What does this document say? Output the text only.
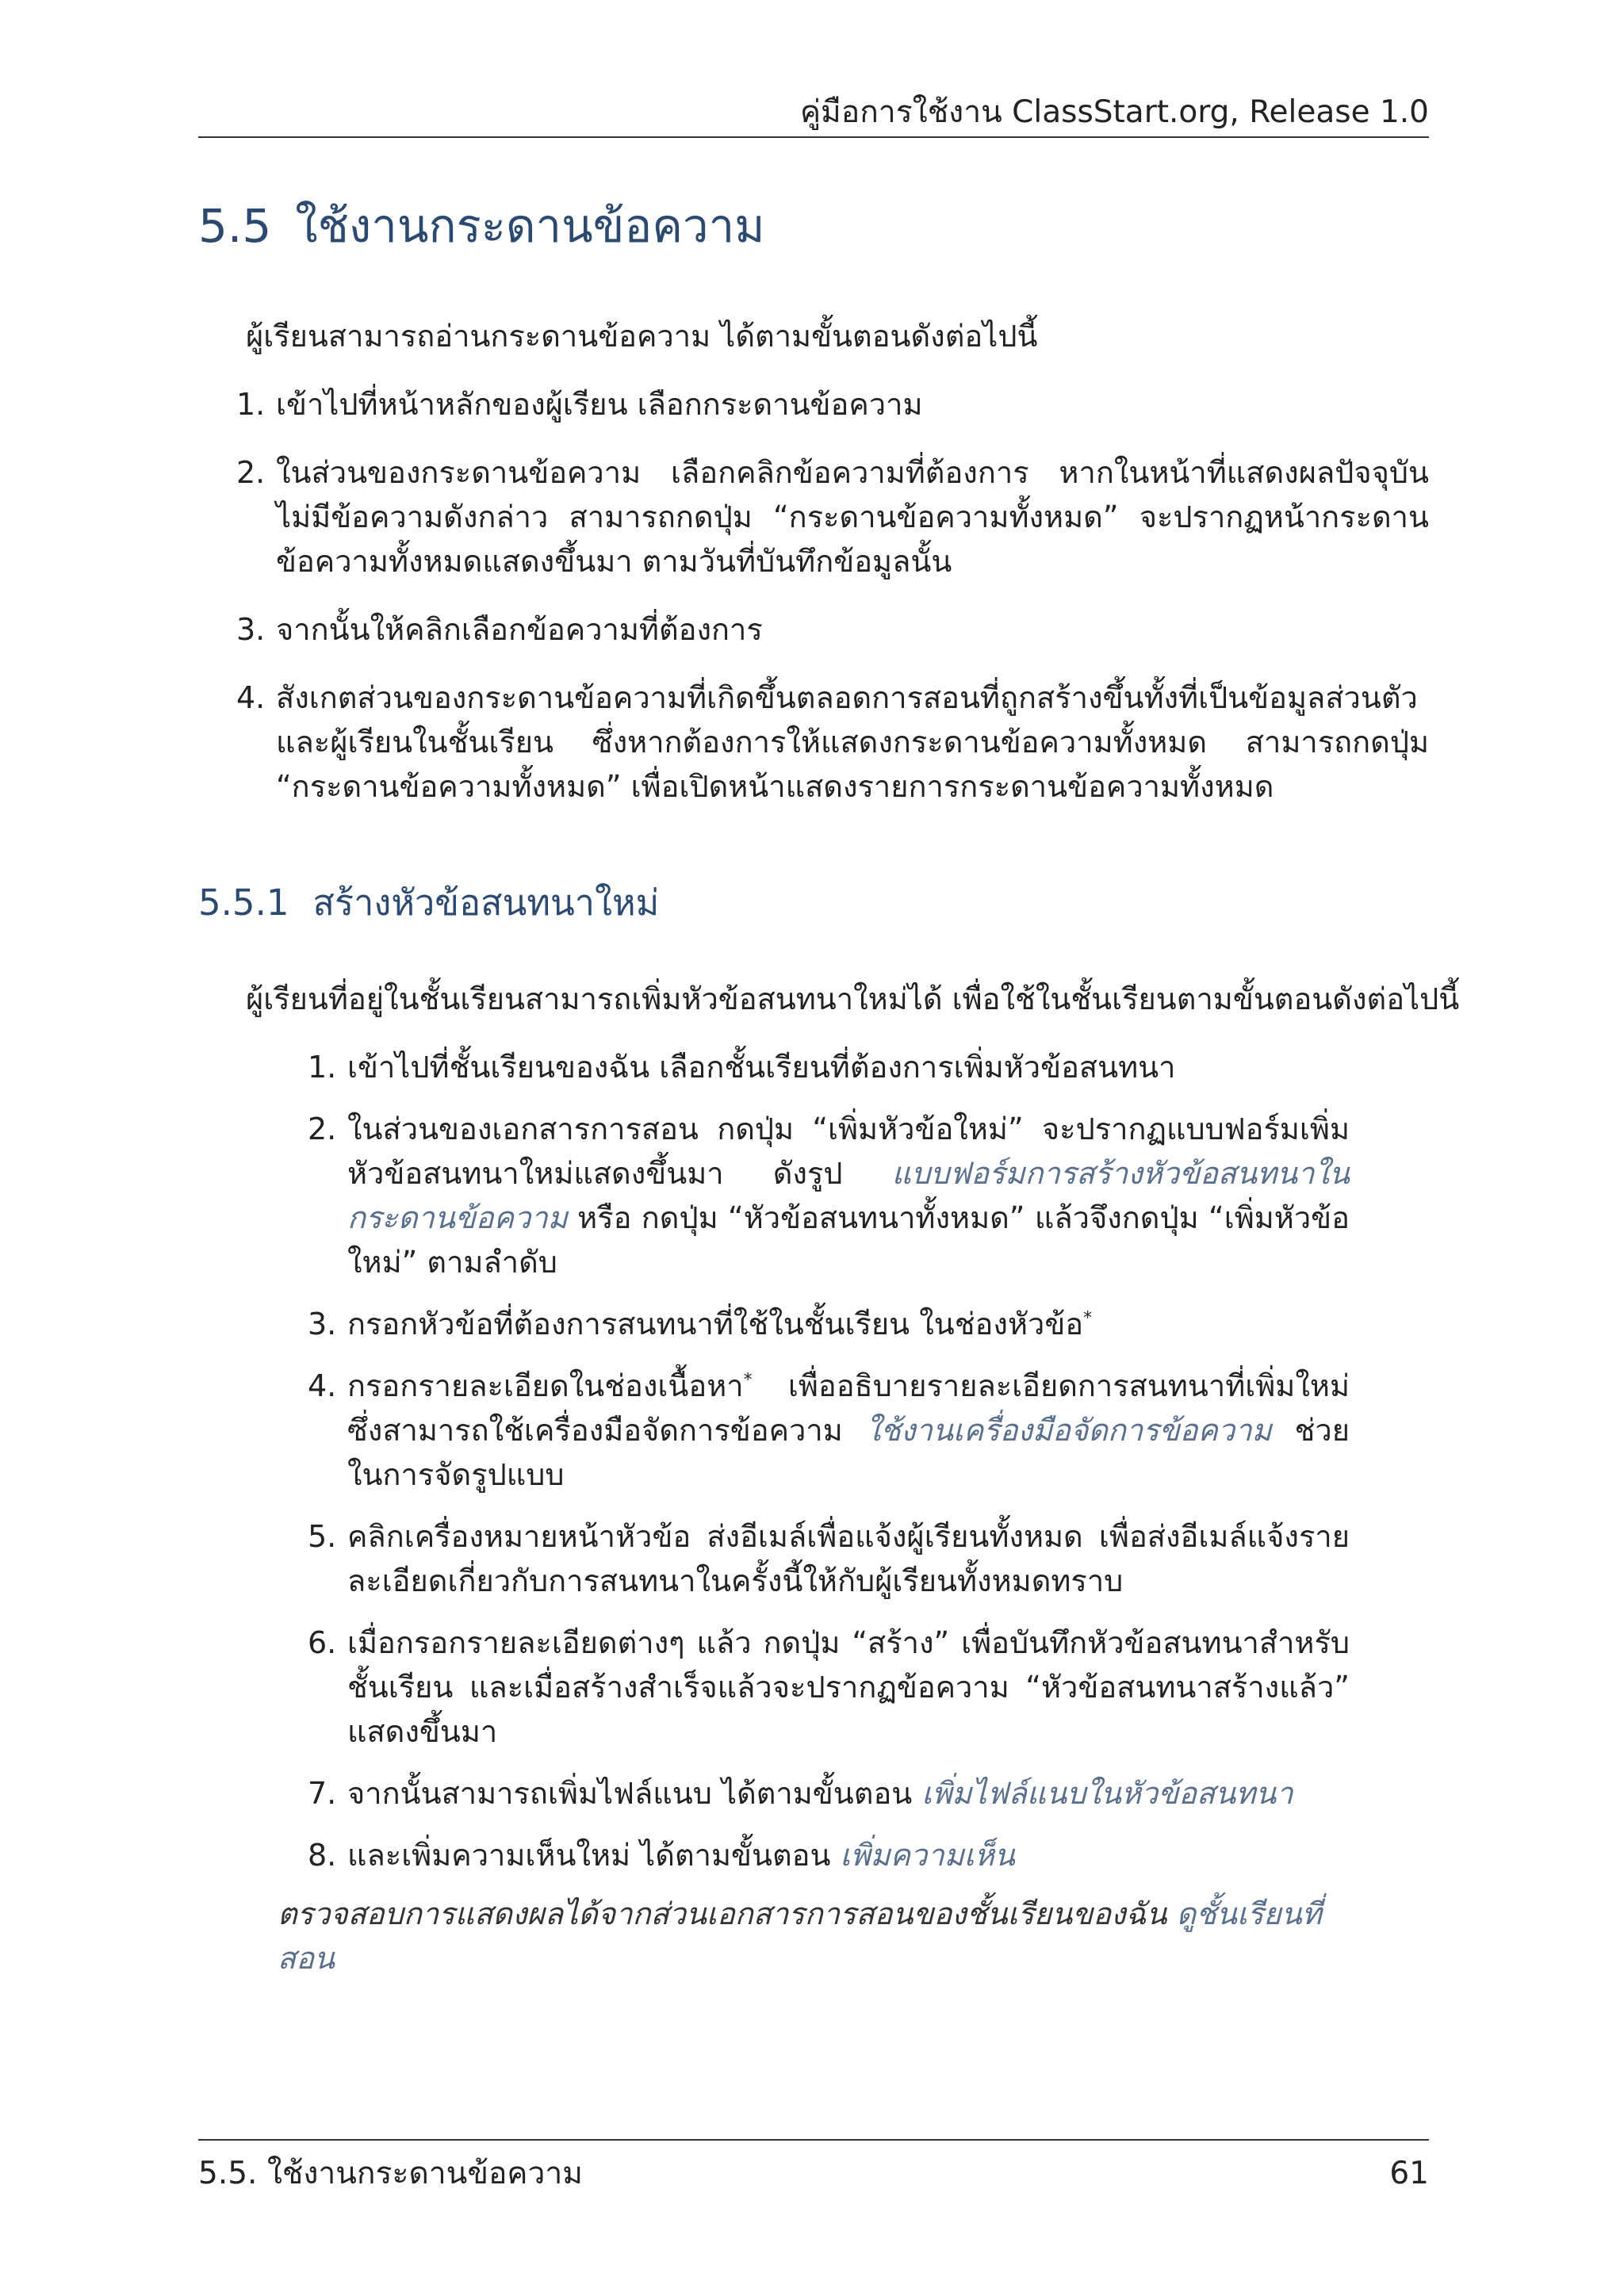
คู่มือการใช้งาน ClassStart.org, Release 1.0
5.5 ใช้งานกระดานข้อความ

ผู้เรียนสามารถอ่านกระดานข้อความ ได้ตามขั้นตอนดังต่อไปนี้

1. เข้าไปที่หน้าหลักของผู้เรียน เลือกกระดานข้อความ
2. ในส่วนของกระดานข้อความ เลือกคลิกข้อความที่ต้องการ หากในหน้าที่แสดงผลปัจจุบันไม่มีข้อความดังกล่าว สามารถกดปุ่ม “กระดานข้อความทั้งหมด” จะปรากฏหน้ากระดานข้อความทั้งหมดแสดงขึ้นมา ตามวันที่บันทึกข้อมูลนั้น
3. จากนั้นให้คลิกเลือกข้อความที่ต้องการ
4. สังเกตส่วนของกระดานข้อความที่เกิดขึ้นตลอดการสอนที่ถูกสร้างขึ้นทั้งที่เป็นข้อมูลส่วนตัวและผู้เรียนในชั้นเรียน ซึ่งหากต้องการให้แสดงกระดานข้อความทั้งหมด สามารถกดปุ่ม “กระดานข้อความทั้งหมด” เพื่อเปิดหน้าแสดงรายการกระดานข้อความทั้งหมด
5.5.1 สร้างหัวข้อสนทนาใหม่

ผู้เรียนที่อยู่ในชั้นเรียนสามารถเพิ่มหัวข้อสนทนาใหม่ได้ เพื่อใช้ในชั้นเรียนตามขั้นตอนดังต่อไปนี้

1. เข้าไปที่ชั้นเรียนของฉัน เลือกชั้นเรียนที่ต้องการเพิ่มหัวข้อสนทนา
2. ในส่วนของเอกสารการสอน กดปุ่ม “เพิ่มหัวข้อใหม่” จะปรากฏแบบฟอร์มเพิ่มหัวข้อสนทนาใหม่แสดงขึ้นมา ดังรูป แบบฟอร์มการสร้างหัวข้อสนทนาในกระดานข้อความ หรือ กดปุ่ม “หัวข้อสนทนาทั้งหมด” แล้วจึงกดปุ่ม “เพิ่มหัวข้อใหม่” ตามลำดับ
3. กรอกหัวข้อที่ต้องการสนทนาที่ใช้ในชั้นเรียน ในช่องหัวข้อ*
4. กรอกรายละเอียดในช่องเนื้อหา* เพื่ออธิบายรายละเอียดการสนทนาที่เพิ่มใหม่ ซึ่งสามารถใช้เครื่องมือจัดการข้อความ ใช้งานเครื่องมือจัดการข้อความ ช่วยในการจัดรูปแบบ
5. คลิกเครื่องหมายหน้าหัวข้อ ส่งอีเมล์เพื่อแจ้งผู้เรียนทั้งหมด เพื่อส่งอีเมล์แจ้งรายละเอียดเกี่ยวกับการสนทนาในครั้งนี้ให้กับผู้เรียนทั้งหมดทราบ
6. เมื่อกรอกรายละเอียดต่างๆ แล้ว กดปุ่ม “สร้าง” เพื่อบันทึกหัวข้อสนทนาสำหรับชั้นเรียน และเมื่อสร้างสำเร็จแล้วจะปรากฏข้อความ “หัวข้อสนทนาสร้างแล้ว” แสดงขึ้นมา
7. จากนั้นสามารถเพิ่มไฟล์แนบ ได้ตามขั้นตอน เพิ่มไฟล์แนบในหัวข้อสนทนา
8. และเพิ่มความเห็นใหม่ ได้ตามขั้นตอน เพิ่มความเห็น

ตรวจสอบการแสดงผลได้จากส่วนเอกสารการสอนของชั้นเรียนของฉัน ดูชั้นเรียนที่สอน

5.5. ใช้งานกระดานข้อความ	61
